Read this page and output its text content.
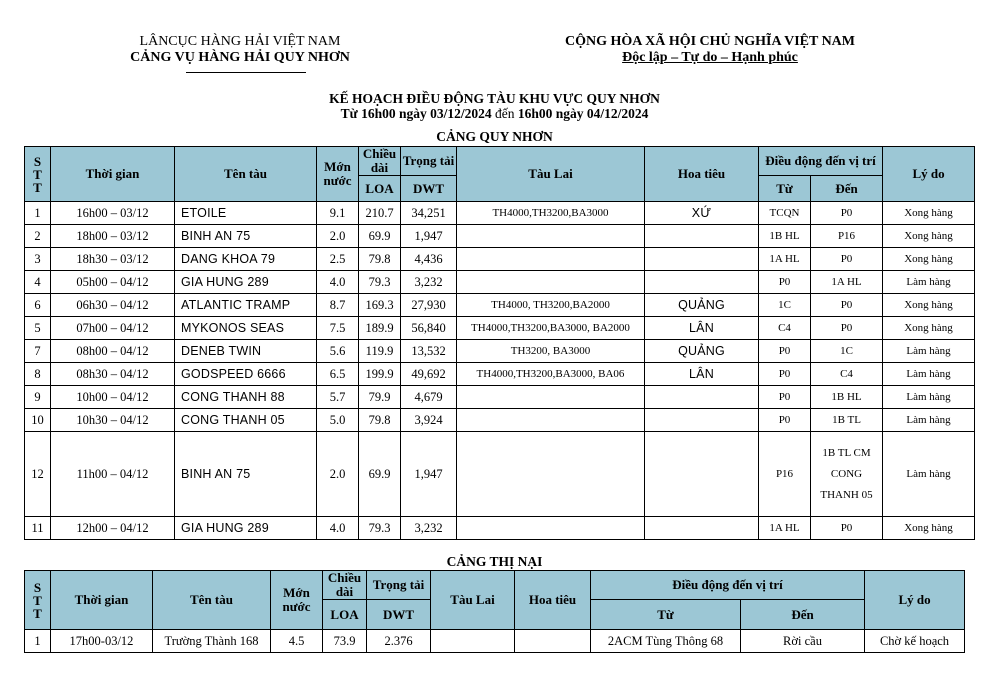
LÂNCỤC HÀNG HẢI VIỆT NAM
CẢNG VỤ HÀNG HẢI QUY NHƠN
CỘNG HÒA XÃ HỘI CHỦ NGHĨA VIỆT NAM
Độc lập – Tự do – Hạnh phúc
KẾ HOẠCH ĐIỀU ĐỘNG TÀU KHU VỰC QUY NHƠN
Từ 16h00 ngày 03/12/2024 đến 16h00 ngày 04/12/2024
CẢNG QUY NHƠN
S T T	Thời gian	Tên tàu	Mớn nước	Chiều dài	Trọng tải	Tàu Lai	Hoa tiêu	Điều động đến vị trí		Lý do
				LOA	DWT			Từ	Đến	
1	16h00 – 03/12	ETOILE	9.1	210.7	34,251	TH4000,TH3200,BA3000	XỨ	TCQN	P0	Xong hàng
2	18h00 – 03/12	BINH AN 75	2.0	69.9	1,947			1B HL	P16	Xong hàng
3	18h30 – 03/12	DANG KHOA 79	2.5	79.8	4,436			1A HL	P0	Xong hàng
4	05h00 – 04/12	GIA HUNG 289	4.0	79.3	3,232			P0	1A HL	Làm hàng
6	06h30 – 04/12	ATLANTIC TRAMP	8.7	169.3	27,930	TH4000, TH3200,BA2000	QUẢNG	1C	P0	Xong hàng
5	07h00 – 04/12	MYKONOS SEAS	7.5	189.9	56,840	TH4000,TH3200,BA3000, BA2000	LÂN	C4	P0	Xong hàng
7	08h00 – 04/12	DENEB TWIN	5.6	119.9	13,532	TH3200, BA3000	QUẢNG	P0	1C	Làm hàng
8	08h30 – 04/12	GODSPEED 6666	6.5	199.9	49,692	TH4000,TH3200,BA3000, BA06	LÂN	P0	C4	Làm hàng
9	10h00 – 04/12	CONG THANH 88	5.7	79.9	4,679			P0	1B HL	Làm hàng
10	10h30 – 04/12	CONG THANH 05	5.0	79.8	3,924			P0	1B TL	Làm hàng
12	11h00 – 04/12	BINH AN 75	2.0	69.9	1,947			P16	1B TL CM CONG THANH 05	Làm hàng
11	12h00 – 04/12	GIA HUNG 289	4.0	79.3	3,232			1A HL	P0	Xong hàng
CẢNG THỊ NẠI
S T T	Thời gian	Tên tàu	Mớn nước	Chiều dài	Trọng tải	Tàu Lai	Hoa tiêu	Điều động đến vị trí		Lý do
				LOA	DWT			Từ	Đến	
1	17h00-03/12	Trường Thành 168	4.5	73.9	2.376			2ACM Tùng Thông 68	Rời cầu	Chờ kế hoạch
